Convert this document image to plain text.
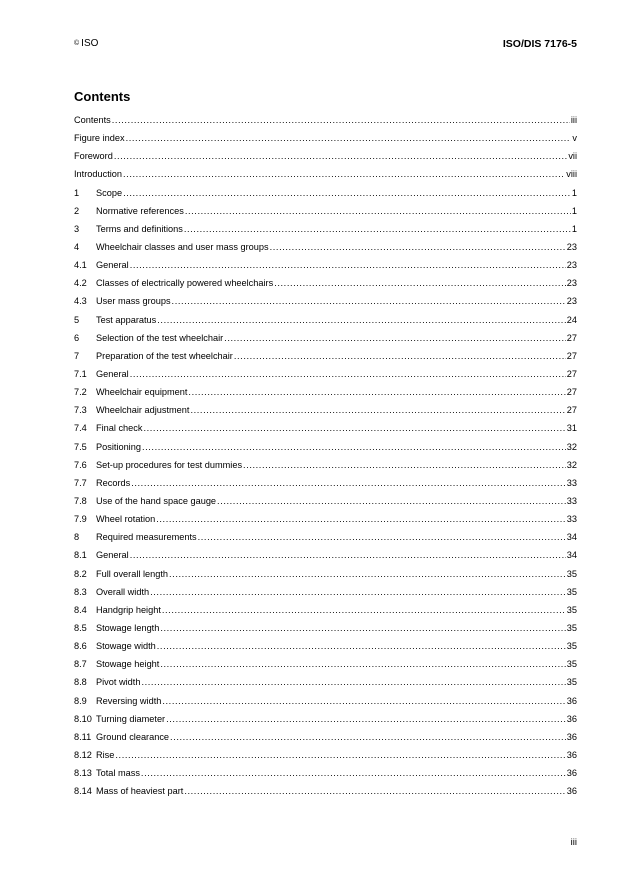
© ISO	ISO/DIS 7176-5
Contents
Contents .....	iii
Figure index .....	v
Foreword .....	vii
Introduction .....	viii
1	Scope .....	1
2	Normative references .....	1
3	Terms and definitions .....	1
4	Wheelchair classes and user mass groups .....	23
4.1	General .....	23
4.2	Classes of electrically powered wheelchairs .....	23
4.3	User mass groups .....	23
5	Test apparatus .....	24
6	Selection of the test wheelchair .....	27
7	Preparation of the test wheelchair .....	27
7.1	General .....	27
7.2	Wheelchair equipment .....	27
7.3	Wheelchair adjustment .....	27
7.4	Final check .....	31
7.5	Positioning .....	32
7.6	Set-up procedures for test dummies .....	32
7.7	Records .....	33
7.8	Use of the hand space gauge .....	33
7.9	Wheel rotation .....	33
8	Required measurements .....	34
8.1	General .....	34
8.2	Full overall length .....	35
8.3	Overall width .....	35
8.4	Handgrip height .....	35
8.5	Stowage length .....	35
8.6	Stowage width .....	35
8.7	Stowage height .....	35
8.8	Pivot width .....	35
8.9	Reversing width .....	36
8.10 Turning diameter .....	36
8.11 Ground clearance .....	36
8.12 Rise .....	36
8.13 Total mass .....	36
8.14 Mass of heaviest part .....	36
iii
